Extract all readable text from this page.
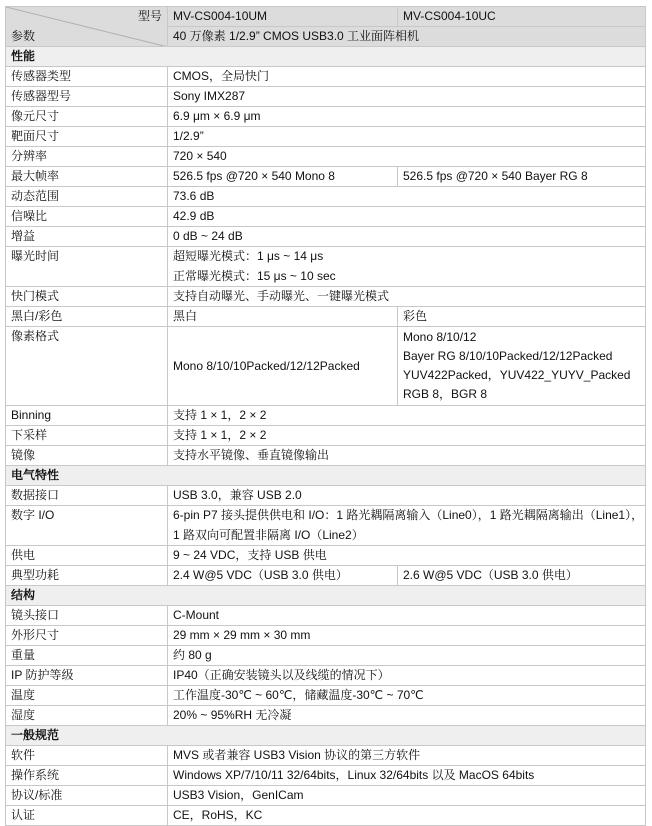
型号
参数	MV-CS004-10UM	MV-CS004-10UC
	40 万像素 1/2.9” CMOS USB3.0 工业面阵相机	
性能		
传感器类型	CMOS，全局快门	

传感器型号	Sony IMX287	

像元尺寸	6.9 μm × 6.9 μm	

靶面尺寸	1/2.9”	

分辨率	720 × 540	

最大帧率	526.5 fps @720 × 540 Mono 8	526.5 fps @720 × 540 Bayer RG 8
动态范围	73.6 dB	

信噪比	42.9 dB	

增益	0 dB ~ 24 dB	

曝光时间	超短曝光模式：1 μs ~ 14 μs
正常曝光模式：15 μs ~ 10 sec	

快门模式	支持自动曝光、手动曝光、一键曝光模式	

黑白/彩色	黑白	彩色
像素格式	Mono 8/10/10Packed/12/12Packed	Mono 8/10/12
Bayer RG 8/10/10Packed/12/12Packed
YUV422Packed，YUV422_YUYV_Packed
RGB 8，BGR 8

Binning	支持 1 × 1，2 × 2	

下采样	支持 1 × 1，2 × 2	

镜像	支持水平镜像、垂直镜像输出	

电气特性		
数据接口	USB 3.0，兼容 USB 2.0	

数字 I/O	6-pin P7 接头提供供电和 I/O：1 路光耦隔离输入（Line0），1 路光耦隔离输出（Line1），
1 路双向可配置非隔离 I/O（Line2）	

供电	9 ~ 24 VDC，支持 USB 供电	

典型功耗	2.4 W@5 VDC（USB 3.0 供电）	2.6 W@5 VDC（USB 3.0 供电）
结构		
镜头接口	C-Mount	

外形尺寸	29 mm × 29 mm × 30 mm	

重量	约 80 g	

IP 防护等级	IP40（正确安装镜头以及线缆的情况下）	

温度	工作温度-30℃ ~ 60℃，储藏温度-30℃ ~ 70℃	

湿度	20% ~ 95%RH 无冷凝	

一般规范		
软件	MVS 或者兼容 USB3 Vision 协议的第三方软件	

操作系统	Windows XP/7/10/11 32/64bits，Linux 32/64bits 以及 MacOS 64bits	

协议/标准	USB3 Vision，GenICam	

认证	CE，RoHS，KC	
